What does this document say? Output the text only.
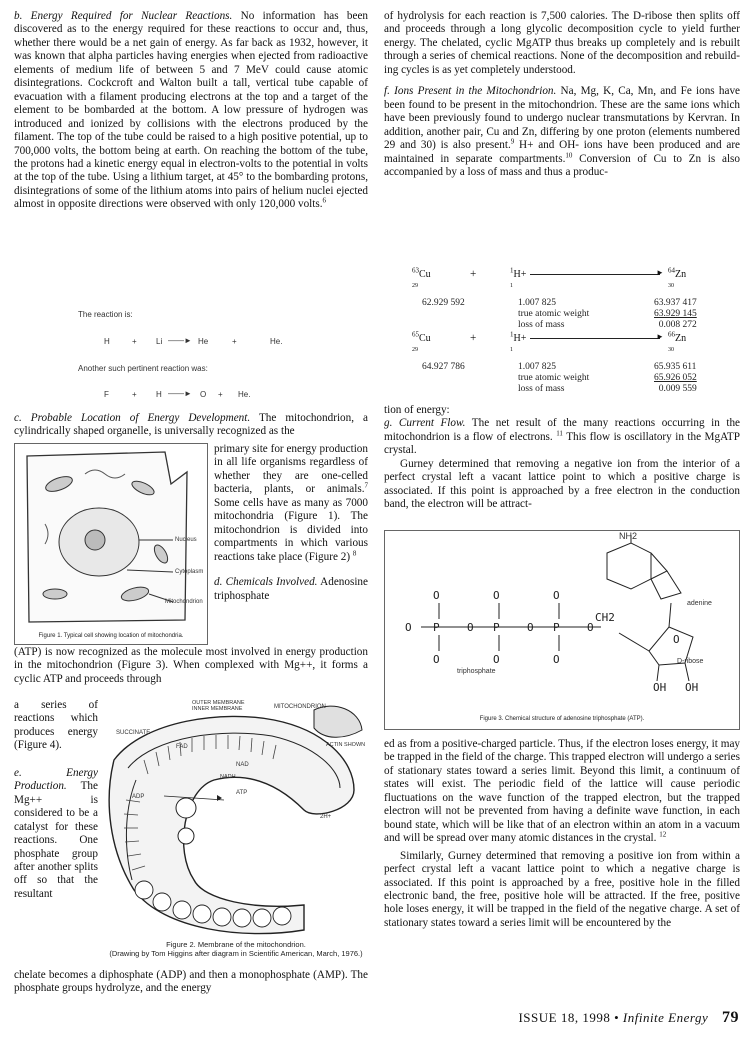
b. Energy Required for Nuclear Reactions. No information has been discovered as to the energy required for these reactions to occur and, thus, whether there would be a net gain of energy. As far back as 1932, however, it was known that alpha particles having energies when ejected from radioactive elements of medium life of between 5 and 7 MeV could cause atomic disintegrations. Cockcroft and Walton built a tall, vertical tube capable of evacuation with a filament producing electrons at the top and a target of the element to be bombarded at the bottom. A low pressure of hydrogen was introduced and ionized by collisions with the electrons produced by the filament. The top of the tube could be raised to a high positive potential, up to 700,000 volts, the bottom being at earth. On reaching the bottom of the tube, the protons had a kinetic energy equal in electron-volts to the potential in volts at the top of the tube. Using a lithium target, at 45° to the bombarding protons, disintegrations of some of the lithium atoms into pairs of helium nuclei ejected almost in opposite directions were observed with only 120,000 volts.$^6$

The reaction is:
H	+ Li ——► He	+	He.
Another such pertinent reaction was:
F	+ H ——► O + He.
c. Probable Location of Energy Development. The mitochondrion, a cylindrically shaped organelle, is universally recognized as the
Nucleus
Cytoplasm
Mitochondrion
Figure 1. Typical cell showing location of mitochondria.
primary site for energy production in all life organisms regardless of whether they are one-celled bacteria, plants, or animals.$^7$ Some cells have as many as 7000 mitochondria (Figure 1). The mitochondrion is divided into compartments in which various reactions take place (Figure 2) $^8$
d. Chemicals Involved. Adenosine triphosphate
(ATP) is now recognized as the molecule most involved in energy production in the mitochondrion (Figure 3). When complexed with Mg++, it forms a cyclic ATP and proceeds through
a series of reactions which produces energy (Figure 4).
e. Energy Production. The Mg++ is considered to be a catalyst for these reactions. One phosphate group after another splits off so that the resultant
OUTER MEMBRANE
INNER MEMBRANE	MITOCHONDRION
SUCCINATE
FAD
NAD
ATP
ADP
2H+
ACTIN SHOWN
NADH
Figure 2. Membrane of the mitochondrion.
(Drawing by Tom Higgins after diagram in Scientific American, March, 1976.)
chelate becomes a diphosphate (ADP) and then a monophosphate (AMP). The phosphate groups hydrolyze, and the energy

of hydrolysis for each reaction is 7,500 calories. The D-ribose then splits off and proceeds through a long glycolic decomposition cycle to yield further energy. The chelated, cyclic MgATP thus breaks up completely and is rebuilt through a series of chemical reactions. None of the decomposition and rebuild-ing cycles is as yet completely understood.

f. Ions Present in the Mitochondrion. Na, Mg, K, Ca, Mn, and Fe ions have been found to be present in the mitochondrion. These are the same ions which have been previously found to undergo nuclear transmutations by Kervran. In addition, another pair, Cu and Zn, differing by one proton (elements numbered 29 and 30) is also present.$^9$ H+ and OH- ions have been produced and are maintained in separate compartments.$^{10}$ Conversion of Cu to Zn is also accompanied by a loss of mass and thus a produc-

$^{63}$Cu	+	$^1$H+	► $^{64}$Zn
29	1	30
62.929 592	1.007 825	63.937 417
	true atomic weight	63.929 145
	loss of mass	0.008 272
$^{65}$Cu	+	$^1$H+	► $^{66}$Zn
29	1	30
64.927 786	1.007 825	65.935 611
	true atomic weight	65.926 052
	loss of mass	0.009 559

tion of energy:

g. Current Flow. The net result of the many reactions occurring in the mitochondrion is a flow of electrons. $^{11}$ This flow is oscillatory in the MgATP crystal.

Gurney determined that removing a negative ion from the interior of a perfect crystal left a vacant lattice point to which a positive charge is associated. If this point is approached by a free electron in the conduction band, the electron will be attract-

O
P
O
O
P
O
O
P
O
O	O	O	O
CH2
OH OH
O
NH2
adenine
D-ribose
triphosphate
Figure 3. Chemical structure of adenosine triphosphate (ATP).

ed as from a positive-charged particle. Thus, if the electron loses energy, it may be trapped in the field of the charge. This trapped electron will undergo a series of stationary states toward a series limit. Beyond this limit, a continuum of states will exist. The periodic field of the lattice will cause periodic fluctuations on the wave function of the trapped electron, but the trapped electron will not be prevented from having a definite wave function, in each bound state, which will be like that of an electron within an atom in a vacuum and will be spread over many atomic distances in the crystal. $^{12}$

Similarly, Gurney determined that removing a positive ion from within a perfect crystal left a vacant lattice point to which a negative charge is associated. If this point is approached by a free, positive hole in the filled electronic band, the free, positive hole will be attracted. If the free, positive hole loses energy, it will be trapped in the field of the negative charge. A set of stationary states toward a series limit will be encountered by the

ISSUE 18, 1998 • Infinite Energy 79
